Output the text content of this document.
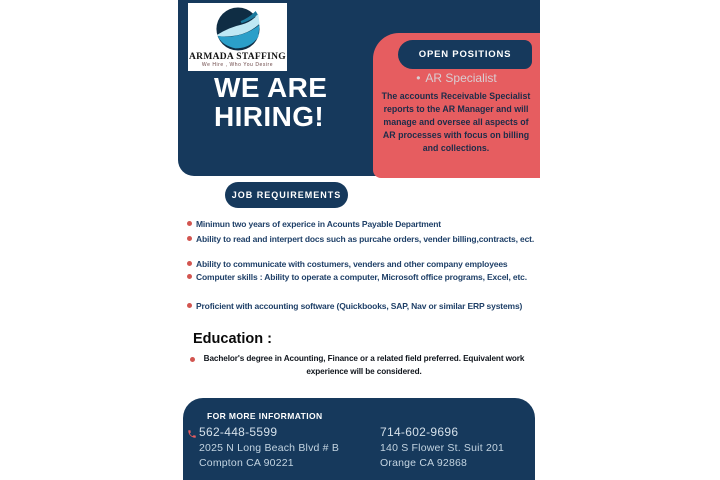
ARMADA STAFFING
We Hire , Who You Desire
WE ARE
HIRING!
OPEN POSITIONS
• AR Specialist
The accounts Receivable Specialist reports to the AR Manager and will manage and oversee all aspects of AR processes with focus on billing and collections.
JOB REQUIREMENTS
Minimun two years of experice in Acounts Payable Department
Ability to read and interpert docs such as purcahe orders, vender billing,contracts, ect.
Ability to communicate with costumers, venders and other company employees
Computer skills : Ability to operate a computer, Microsoft office programs, Excel, etc.
Proficient with accounting software (Quickbooks, SAP, Nav or similar ERP systems)
Education :
Bachelor's degree in Acounting, Finance or a related field preferred. Equivalent work experience will be considered.
FOR MORE INFORMATION
562-448-5599
2025 N Long Beach Blvd # B
Compton CA 90221
714-602-9696
140 S Flower St. Suit 201
Orange CA 92868
